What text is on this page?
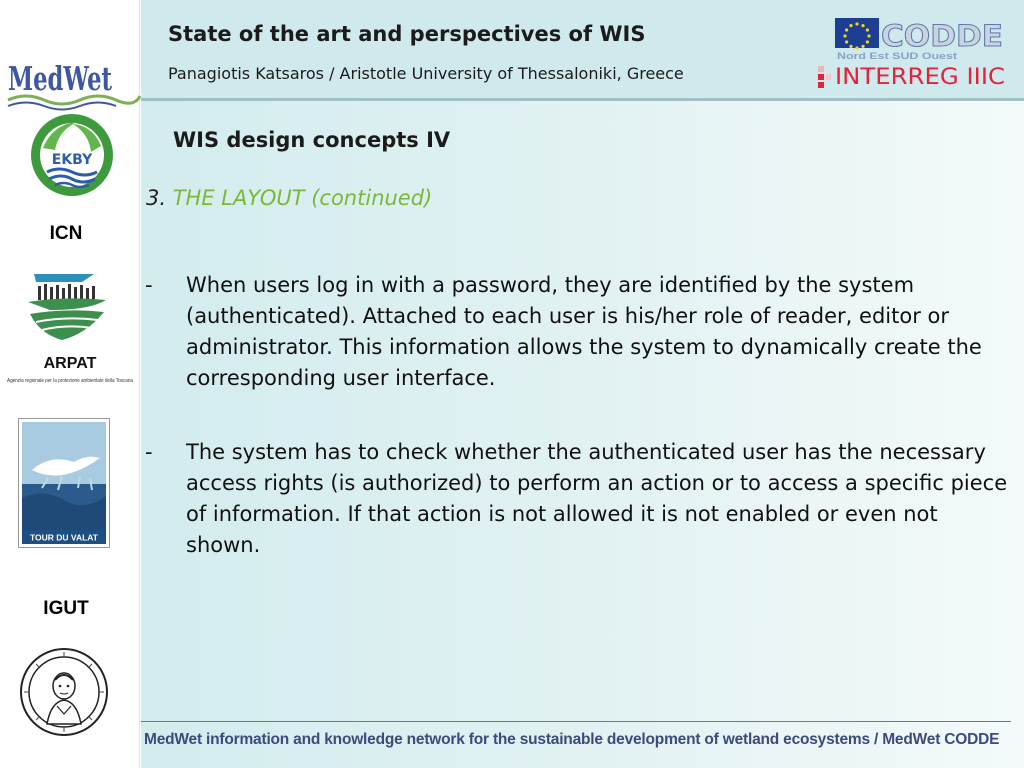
MedWet
EKBY
ICN
ARPAT
Agenzia regionale per la protezione ambientale della Toscana
TOUR DU VALAT
IGUT
State of the art and perspectives of WIS
Panagiotis Katsaros / Aristotle University of Thessaloniki, Greece
CODDE
Nord Est SUD Ouest
INTERREG IIIC
WIS design concepts IV
3. THE LAYOUT (continued)
- When users log in with a password, they are identified by the system (authenticated). Attached to each user is his/her role of reader, editor or administrator. This information allows the system to dynamically create the corresponding user interface.
- The system has to check whether the authenticated user has the necessary access rights (is authorized) to perform an action or to access a specific piece of information. If that action is not allowed it is not enabled or even not shown.
MedWet information and knowledge network for the sustainable development of wetland ecosystems / MedWet CODDE
